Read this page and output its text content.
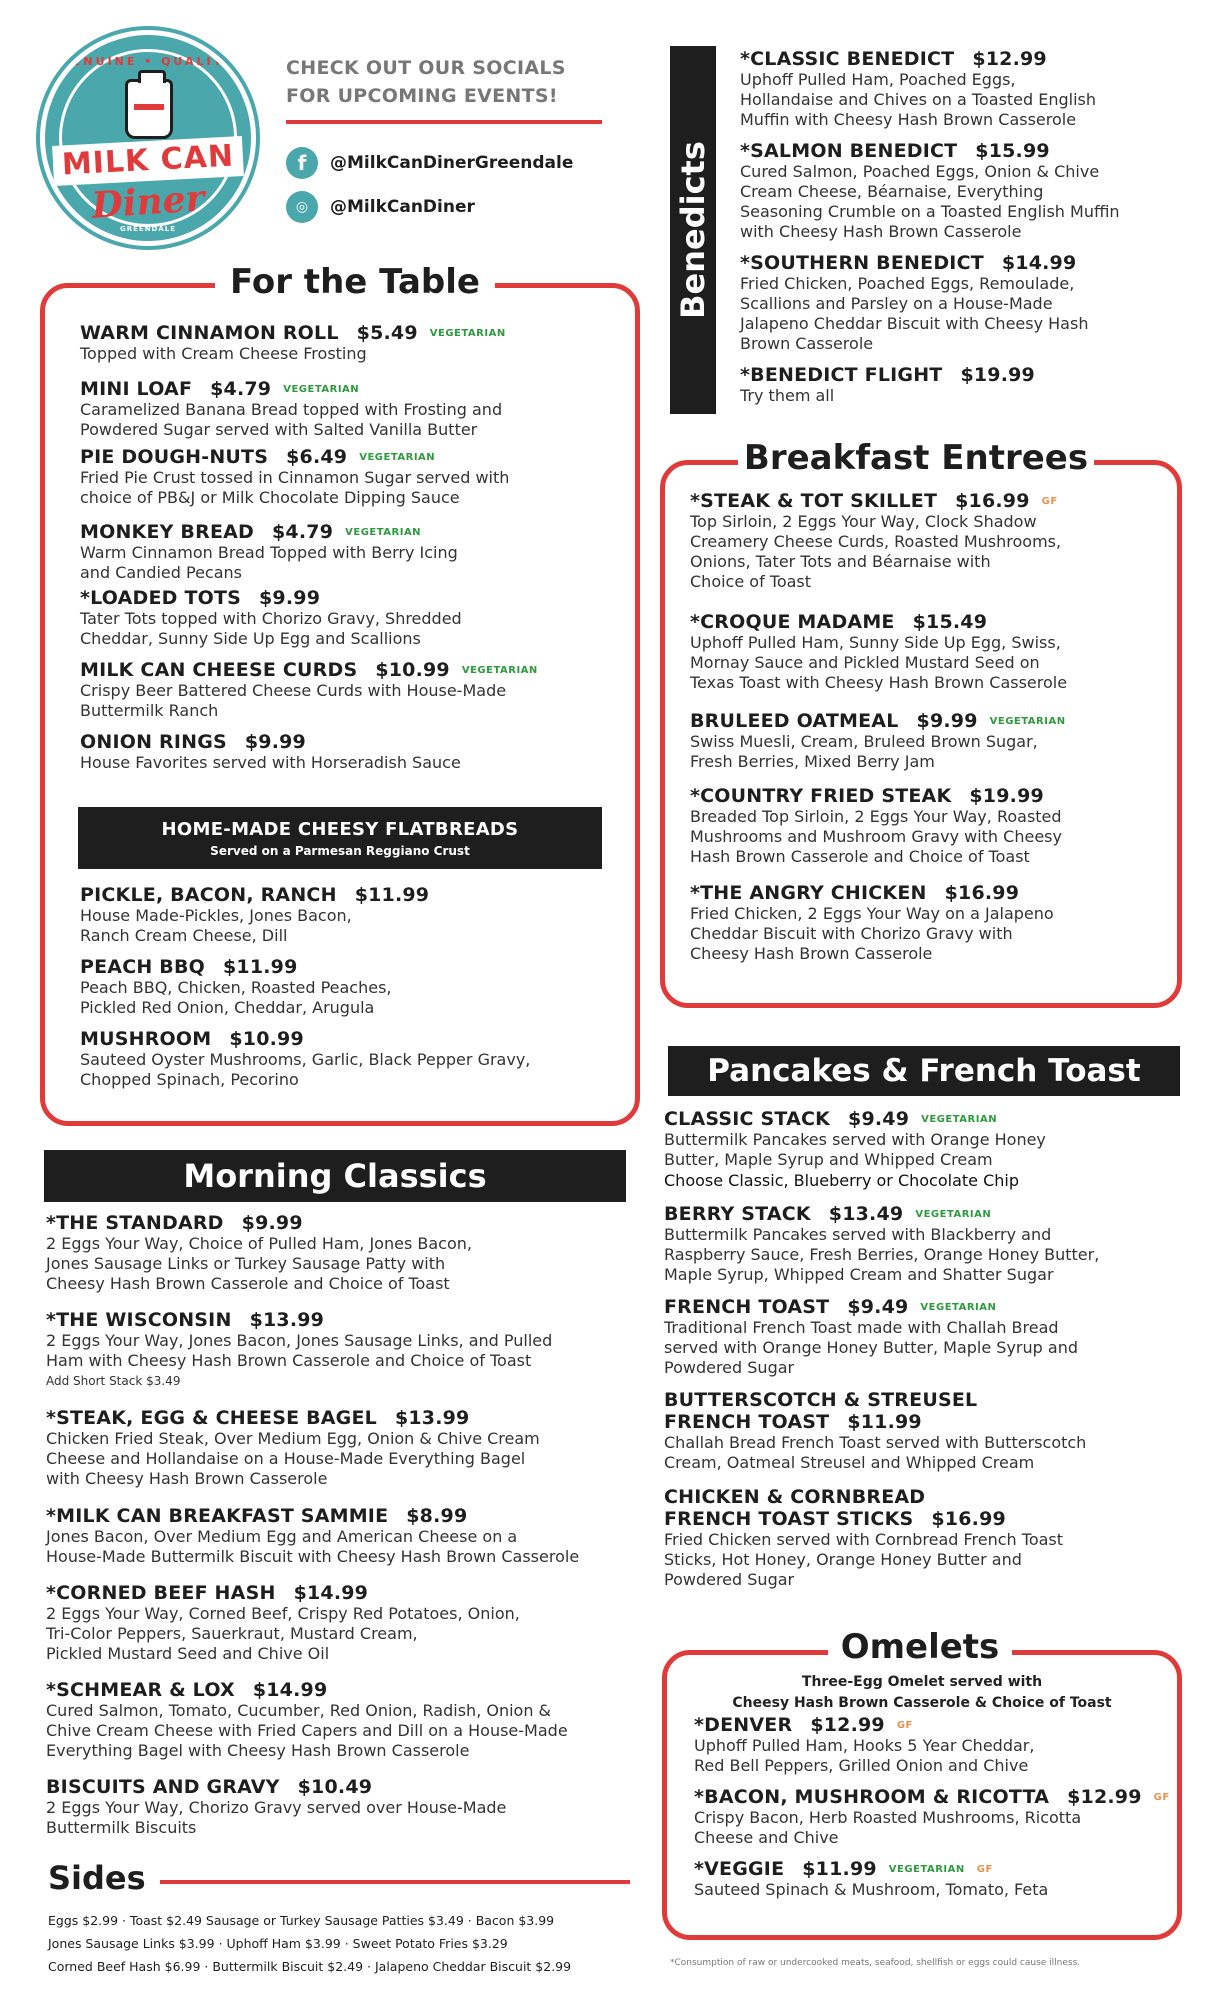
GENUINE • QUALITY
MILK CAN
Diner
GREENDALE
CHECK OUT OUR SOCIALS
FOR UPCOMING EVENTS!
f	@MilkCanDinerGreendale
◎	@MilkCanDiner
For the Table
HOME-MADE CHEESY FLATBREADS
Served on a Parmesan Reggiano Crust
Morning Classics
Sides
Eggs $2.99 · Toast $2.49 Sausage or Turkey Sausage Patties $3.49 · Bacon $3.99
Jones Sausage Links $3.99 · Uphoff Ham $3.99 · Sweet Potato Fries $3.29
Corned Beef Hash $6.99 · Buttermilk Biscuit $2.49 · Jalapeno Cheddar Biscuit $2.99
Benedicts
Breakfast Entrees
Pancakes & French Toast
Omelets
Three-Egg Omelet served with
Cheesy Hash Brown Casserole & Choice of Toast
*Consumption of raw or undercooked meats, seafood, shellfish or eggs could cause illness.
WARM CINNAMON ROLL $5.49 VEGETARIAN
Topped with Cream Cheese Frosting
MINI LOAF $4.79 VEGETARIAN
Caramelized Banana Bread topped with Frosting and
Powdered Sugar served with Salted Vanilla Butter
PIE DOUGH-NUTS $6.49 VEGETARIAN
Fried Pie Crust tossed in Cinnamon Sugar served with
choice of PB&J or Milk Chocolate Dipping Sauce
MONKEY BREAD $4.79 VEGETARIAN
Warm Cinnamon Bread Topped with Berry Icing
and Candied Pecans
*LOADED TOTS $9.99
Tater Tots topped with Chorizo Gravy, Shredded
Cheddar, Sunny Side Up Egg and Scallions
MILK CAN CHEESE CURDS $10.99 VEGETARIAN
Crispy Beer Battered Cheese Curds with House-Made
Buttermilk Ranch
ONION RINGS $9.99
House Favorites served with Horseradish Sauce
PICKLE, BACON, RANCH $11.99
House Made-Pickles, Jones Bacon,
Ranch Cream Cheese, Dill
PEACH BBQ $11.99
Peach BBQ, Chicken, Roasted Peaches,
Pickled Red Onion, Cheddar, Arugula
MUSHROOM $10.99
Sauteed Oyster Mushrooms, Garlic, Black Pepper Gravy,
Chopped Spinach, Pecorino
*THE STANDARD $9.99
2 Eggs Your Way, Choice of Pulled Ham, Jones Bacon,
Jones Sausage Links or Turkey Sausage Patty with
Cheesy Hash Brown Casserole and Choice of Toast
*THE WISCONSIN $13.99
2 Eggs Your Way, Jones Bacon, Jones Sausage Links, and Pulled
Ham with Cheesy Hash Brown Casserole and Choice of Toast
Add Short Stack $3.49
*STEAK, EGG & CHEESE BAGEL $13.99
Chicken Fried Steak, Over Medium Egg, Onion & Chive Cream
Cheese and Hollandaise on a House-Made Everything Bagel
with Cheesy Hash Brown Casserole
*MILK CAN BREAKFAST SAMMIE $8.99
Jones Bacon, Over Medium Egg and American Cheese on a
House-Made Buttermilk Biscuit with Cheesy Hash Brown Casserole
*CORNED BEEF HASH $14.99
2 Eggs Your Way, Corned Beef, Crispy Red Potatoes, Onion,
Tri-Color Peppers, Sauerkraut, Mustard Cream,
Pickled Mustard Seed and Chive Oil
*SCHMEAR & LOX $14.99
Cured Salmon, Tomato, Cucumber, Red Onion, Radish, Onion &
Chive Cream Cheese with Fried Capers and Dill on a House-Made
Everything Bagel with Cheesy Hash Brown Casserole
BISCUITS AND GRAVY $10.49
2 Eggs Your Way, Chorizo Gravy served over House-Made
Buttermilk Biscuits
*CLASSIC BENEDICT $12.99
Uphoff Pulled Ham, Poached Eggs,
Hollandaise and Chives on a Toasted English
Muffin with Cheesy Hash Brown Casserole
*SALMON BENEDICT $15.99
Cured Salmon, Poached Eggs, Onion & Chive
Cream Cheese, Béarnaise, Everything
Seasoning Crumble on a Toasted English Muffin
with Cheesy Hash Brown Casserole
*SOUTHERN BENEDICT $14.99
Fried Chicken, Poached Eggs, Remoulade,
Scallions and Parsley on a House-Made
Jalapeno Cheddar Biscuit with Cheesy Hash
Brown Casserole
*BENEDICT FLIGHT $19.99
Try them all
*STEAK & TOT SKILLET $16.99 GF
Top Sirloin, 2 Eggs Your Way, Clock Shadow
Creamery Cheese Curds, Roasted Mushrooms,
Onions, Tater Tots and Béarnaise with
Choice of Toast
*CROQUE MADAME $15.49
Uphoff Pulled Ham, Sunny Side Up Egg, Swiss,
Mornay Sauce and Pickled Mustard Seed on
Texas Toast with Cheesy Hash Brown Casserole
BRULEED OATMEAL $9.99 VEGETARIAN
Swiss Muesli, Cream, Bruleed Brown Sugar,
Fresh Berries, Mixed Berry Jam
*COUNTRY FRIED STEAK $19.99
Breaded Top Sirloin, 2 Eggs Your Way, Roasted
Mushrooms and Mushroom Gravy with Cheesy
Hash Brown Casserole and Choice of Toast
*THE ANGRY CHICKEN $16.99
Fried Chicken, 2 Eggs Your Way on a Jalapeno
Cheddar Biscuit with Chorizo Gravy with
Cheesy Hash Brown Casserole
CLASSIC STACK $9.49 VEGETARIAN
Buttermilk Pancakes served with Orange Honey
Butter, Maple Syrup and Whipped Cream
Choose Classic, Blueberry or Chocolate Chip
BERRY STACK $13.49 VEGETARIAN
Buttermilk Pancakes served with Blackberry and
Raspberry Sauce, Fresh Berries, Orange Honey Butter,
Maple Syrup, Whipped Cream and Shatter Sugar
FRENCH TOAST $9.49 VEGETARIAN
Traditional French Toast made with Challah Bread
served with Orange Honey Butter, Maple Syrup and
Powdered Sugar
BUTTERSCOTCH & STREUSEL
FRENCH TOAST $11.99
Challah Bread French Toast served with Butterscotch
Cream, Oatmeal Streusel and Whipped Cream
CHICKEN & CORNBREAD
FRENCH TOAST STICKS $16.99
Fried Chicken served with Cornbread French Toast
Sticks, Hot Honey, Orange Honey Butter and
Powdered Sugar
*DENVER $12.99 GF
Uphoff Pulled Ham, Hooks 5 Year Cheddar,
Red Bell Peppers, Grilled Onion and Chive
*BACON, MUSHROOM & RICOTTA $12.99 GF
Crispy Bacon, Herb Roasted Mushrooms, Ricotta
Cheese and Chive
*VEGGIE $11.99 VEGETARIAN GF
Sauteed Spinach & Mushroom, Tomato, Feta
